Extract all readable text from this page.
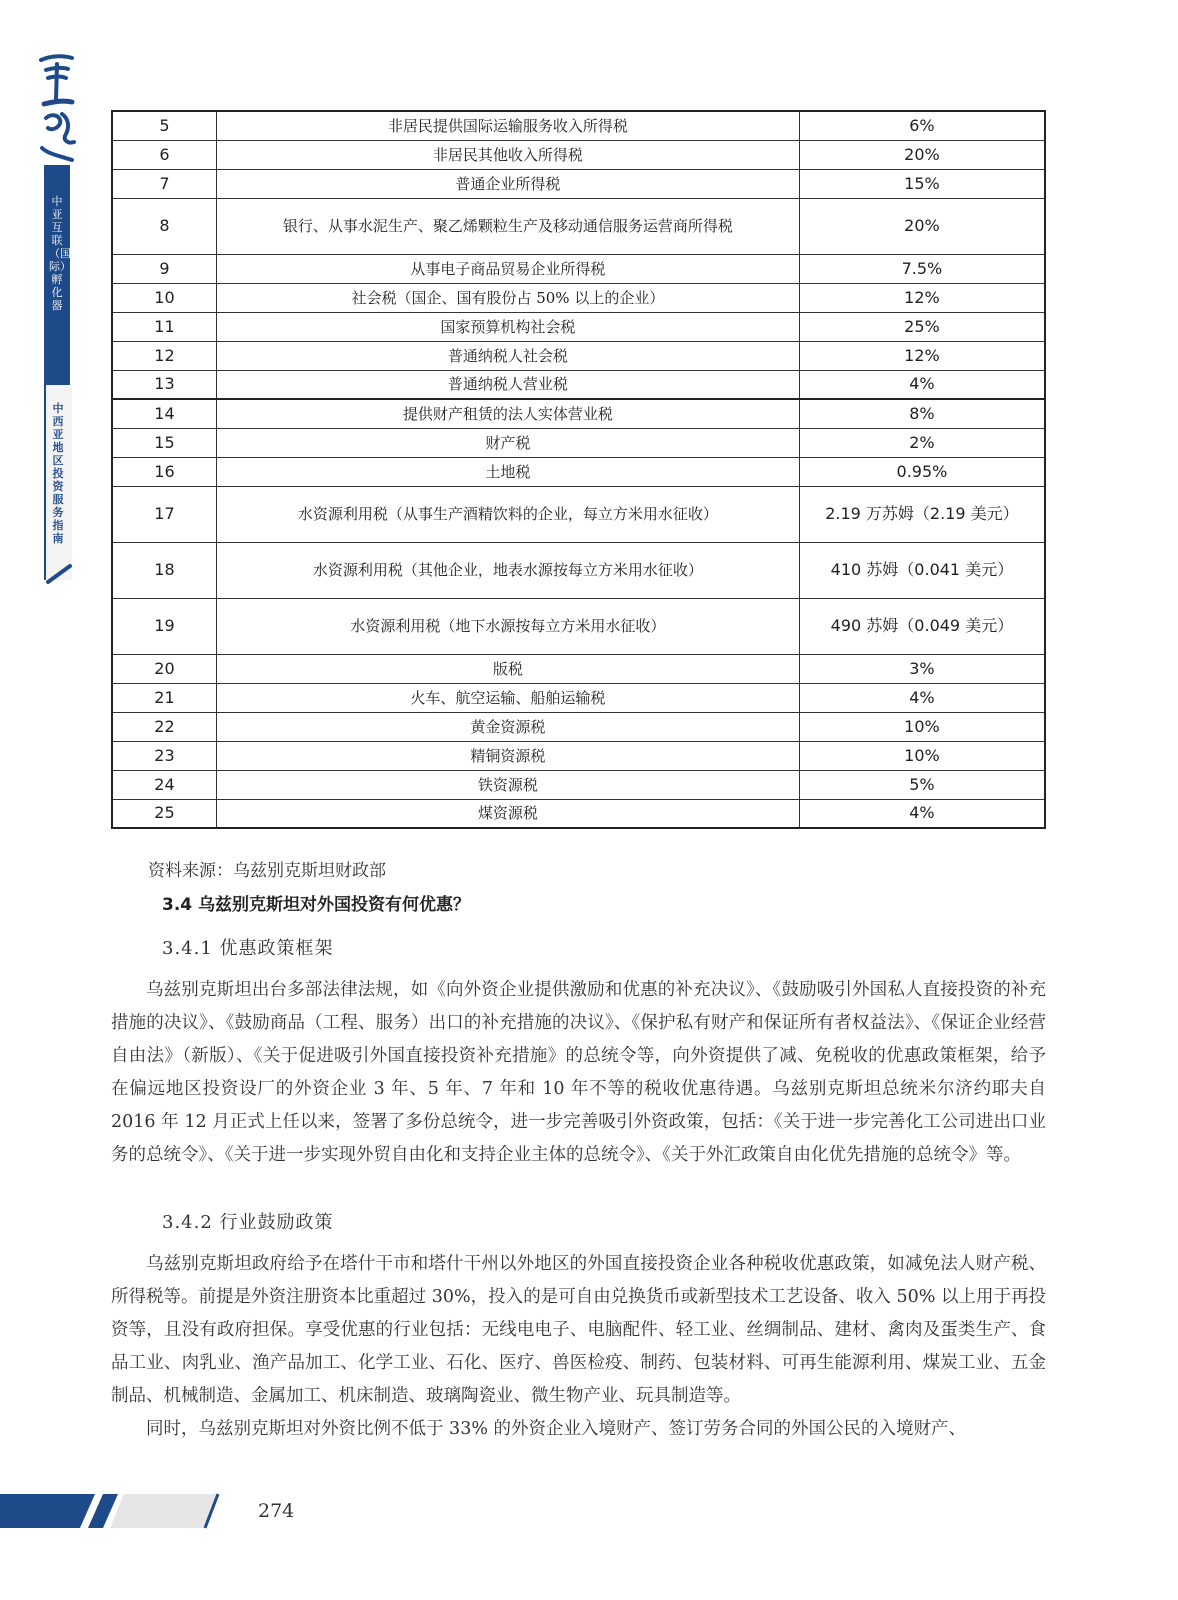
中亚互联（国际）孵化器
中西亚地区投资服务指南
5	非居民提供国际运输服务收入所得税	6%
6	非居民其他收入所得税	20%
7	普通企业所得税	15%
8	银行、从事水泥生产、聚乙烯颗粒生产及移动通信服务运营商所得税	20%
9	从事电子商品贸易企业所得税	7.5%
10	社会税（国企、国有股份占 50% 以上的企业）	12%
11	国家预算机构社会税	25%
12	普通纳税人社会税	12%
13	普通纳税人营业税	4%
14	提供财产租赁的法人实体营业税	8%
15	财产税	2%
16	土地税	0.95%
17	水资源利用税（从事生产酒精饮料的企业，每立方米用水征收）	2.19 万苏姆（2.19 美元）
18	水资源利用税（其他企业，地表水源按每立方米用水征收）	410 苏姆（0.041 美元）
19	水资源利用税（地下水源按每立方米用水征收）	490 苏姆（0.049 美元）
20	版税	3%
21	火车、航空运输、船舶运输税	4%
22	黄金资源税	10%
23	精铜资源税	10%
24	铁资源税	5%
25	煤资源税	4%
资料来源：乌兹别克斯坦财政部
3.4 乌兹别克斯坦对外国投资有何优惠？
3.4.1 优惠政策框架

乌兹别克斯坦出台多部法律法规，如《向外资企业提供激励和优惠的补充决议》、《鼓励吸引外国私人直接投资的补充措施的决议》、《鼓励商品（工程、服务）出口的补充措施的决议》、《保护私有财产和保证所有者权益法》、《保证企业经营自由法》（新版）、《关于促进吸引外国直接投资补充措施》的总统令等，向外资提供了减、免税收的优惠政策框架，给予在偏远地区投资设厂的外资企业 3 年、5 年、7 年和 10 年不等的税收优惠待遇。乌兹别克斯坦总统米尔济约耶夫自 2016 年 12 月正式上任以来，签署了多份总统令，进一步完善吸引外资政策，包括：《关于进一步完善化工公司进出口业务的总统令》、《关于进一步实现外贸自由化和支持企业主体的总统令》、《关于外汇政策自由化优先措施的总统令》等。

3.4.2 行业鼓励政策

乌兹别克斯坦政府给予在塔什干市和塔什干州以外地区的外国直接投资企业各种税收优惠政策，如减免法人财产税、所得税等。前提是外资注册资本比重超过 30%，投入的是可自由兑换货币或新型技术工艺设备、收入 50% 以上用于再投资等，且没有政府担保。享受优惠的行业包括：无线电电子、电脑配件、轻工业、丝绸制品、建材、禽肉及蛋类生产、食品工业、肉乳业、渔产品加工、化学工业、石化、医疗、兽医检疫、制药、包装材料、可再生能源利用、煤炭工业、五金制品、机械制造、金属加工、机床制造、玻璃陶瓷业、微生物产业、玩具制造等。

同时，乌兹别克斯坦对外资比例不低于 33% 的外资企业入境财产、签订劳务合同的外国公民的入境财产、

274
